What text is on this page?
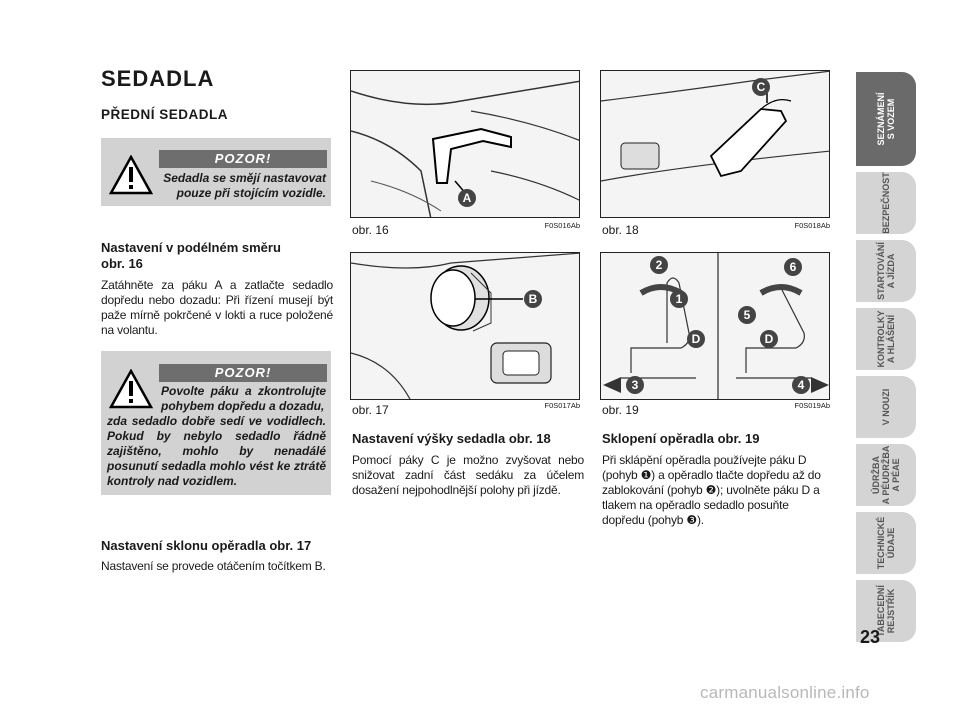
SEDADLA
PŘEDNÍ SEDADLA
POZOR!
Sedadla se smějí nastavovat pouze při stojícím vozidle.
Nastavení v podélném směru
obr. 16
Zatáhněte za páku A a zatlačte sedadlo dopředu nebo dozadu: Při řízení musejí být paže mírně pokrčené v lokti a ruce položené na volantu.
POZOR!
Povolte páku a zkontrolujte pohybem dopředu a dozadu,
zda sedadlo dobře sedí ve vodidlech. Pokud by nebylo sedadlo řádně zajištěno, mohlo by nenadálé posunutí sedadla mohlo vést ke ztrátě kontroly nad vozidlem.
Nastavení sklonu opěradla obr. 17
Nastavení se provede otáčením točítkem B.
A
obr. 16	F0S016Ab
B
obr. 17	F0S017Ab
Nastavení výšky sedadla obr. 18
Pomocí páky C je možno zvyšovat nebo snižovat zadní část sedáku za účelem dosažení nejpohodlnější polohy při jízdě.
C
obr. 18	F0S018Ab
2
1
D
3
6
5
D
4
obr. 19	F0S019Ab
Sklopení opěradla obr. 19
Při sklápění opěradla používejte páku D (pohyb ❶) a opěradlo tlačte dopředu až do zablokování (pohyb ❷); uvolněte páku D a tlakem na opěradlo sedadlo posuňte dopředu (pohyb ❸).
SEZNÁMENÍ
S VOZEM
BEZPEČNOST
STARTOVÁNÍ
A JÍZDA
KONTROLKY
A HLÁŠENÍ
V NOUZI
ÚDRŽBA
A PÉUDRŽBA
A PÉAE
TECHNICKÉ
ÚDAJE
TABECEDNÍ
REJSTŘÍK
23
carmanualsonline.info
